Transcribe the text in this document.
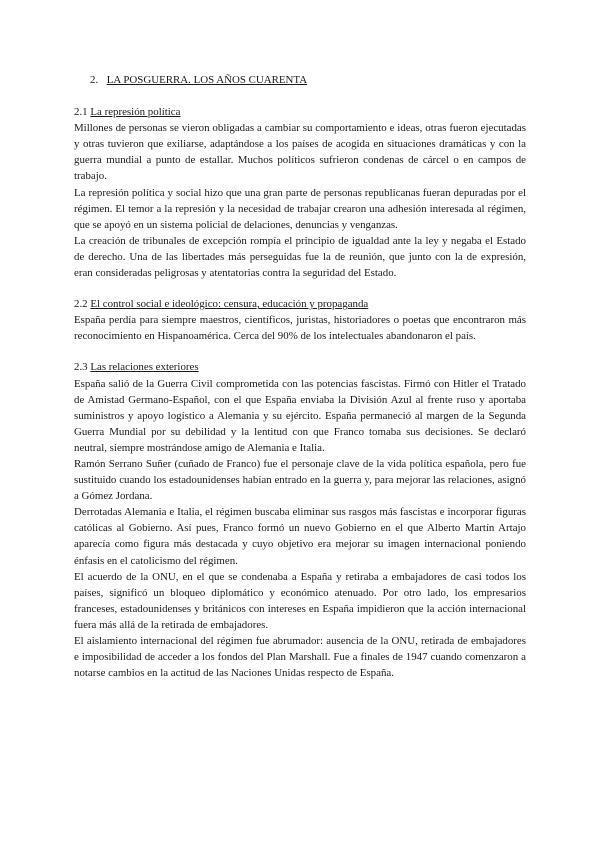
2. LA POSGUERRA. LOS AÑOS CUARENTA
2.1 La represión política

Millones de personas se vieron obligadas a cambiar su comportamiento e ideas, otras fueron ejecutadas y otras tuvieron que exiliarse, adaptándose a los países de acogida en situaciones dramáticas y con la guerra mundial a punto de estallar. Muchos políticos sufrieron condenas de cárcel o en campos de trabajo.

La represión política y social hizo que una gran parte de personas republicanas fueran depuradas por el régimen. El temor a la represión y la necesidad de trabajar crearon una adhesión interesada al régimen, que se apoyó en un sistema policial de delaciones, denuncias y venganzas.

La creación de tribunales de excepción rompía el principio de igualdad ante la ley y negaba el Estado de derecho. Una de las libertades más perseguidas fue la de reunión, que junto con la de expresión, eran consideradas peligrosas y atentatorias contra la seguridad del Estado.

2.2 El control social e ideológico: censura, educación y propaganda

España perdía para siempre maestros, científicos, juristas, historiadores o poetas que encontraron más reconocimiento en Hispanoamérica. Cerca del 90% de los intelectuales abandonaron el país.

2.3 Las relaciones exteriores

España salió de la Guerra Civil comprometida con las potencias fascistas. Firmó con Hitler el Tratado de Amistad Germano-Español, con el que España enviaba la División Azul al frente ruso y aportaba suministros y apoyo logístico a Alemania y su ejército. España permaneció al margen de la Segunda Guerra Mundial por su debilidad y la lentitud con que Franco tomaba sus decisiones. Se declaró neutral, siempre mostrándose amigo de Alemania e Italia.

Ramón Serrano Suñer (cuñado de Franco) fue el personaje clave de la vida política española, pero fue sustituido cuando los estadounidenses habían entrado en la guerra y, para mejorar las relaciones, asignó a Gómez Jordana.

Derrotadas Alemania e Italia, el régimen buscaba eliminar sus rasgos más fascistas e incorporar figuras católicas al Gobierno. Así pues, Franco formó un nuevo Gobierno en el que Alberto Martín Artajo aparecía como figura más destacada y cuyo objetivo era mejorar su imagen internacional poniendo énfasis en el catolicismo del régimen.

El acuerdo de la ONU, en el que se condenaba a España y retiraba a embajadores de casi todos los países, significó un bloqueo diplomático y económico atenuado. Por otro lado, los empresarios franceses, estadounidenses y británicos con intereses en España impidieron que la acción internacional fuera más allá de la retirada de embajadores.

El aislamiento internacional del régimen fue abrumador: ausencia de la ONU, retirada de embajadores e imposibilidad de acceder a los fondos del Plan Marshall. Fue a finales de 1947 cuando comenzaron a notarse cambios en la actitud de las Naciones Unidas respecto de España.
